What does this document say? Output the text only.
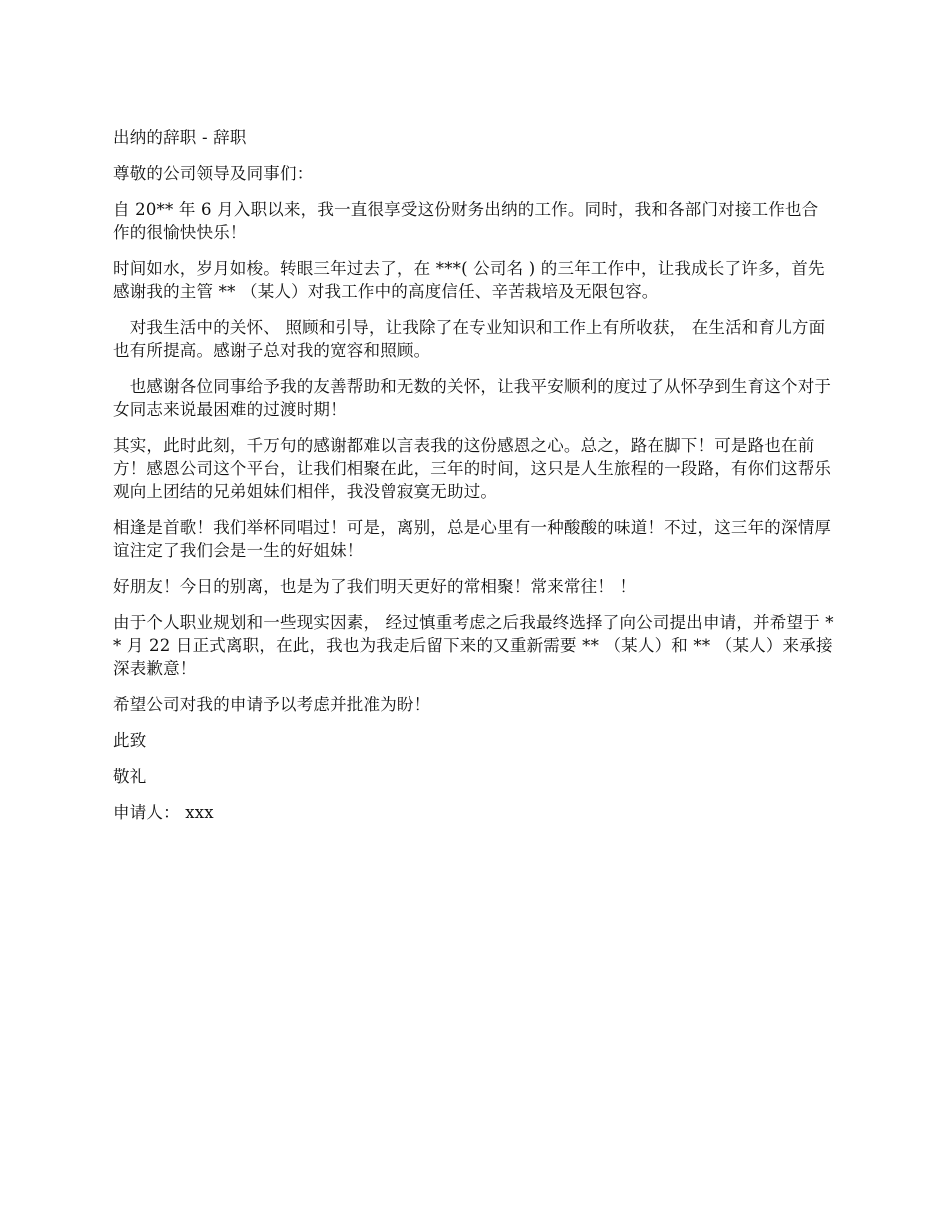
出纳的辞职 - 辞职
尊敬的公司领导及同事们：
自 20** 年 6 月入职以来，我一直很享受这份财务出纳的工作。同时，我和各部门对接工作也合作的很愉快快乐！
时间如水，岁月如梭。转眼三年过去了，在 ***( 公司名 ) 的三年工作中，让我成长了许多，首先感谢我的主管 ** （某人）对我工作中的高度信任、辛苦栽培及无限包容。
　对我生活中的关怀、 照顾和引导，让我除了在专业知识和工作上有所收获， 在生活和育儿方面也有所提高。感谢子总对我的宽容和照顾。
　也感谢各位同事给予我的友善帮助和无数的关怀，让我平安顺利的度过了从怀孕到生育这个对于女同志来说最困难的过渡时期！
其实，此时此刻，千万句的感谢都难以言表我的这份感恩之心。总之，路在脚下！可是路也在前方！感恩公司这个平台，让我们相聚在此，三年的时间，这只是人生旅程的一段路，有你们这帮乐观向上团结的兄弟姐妹们相伴，我没曾寂寞无助过。
相逢是首歌！我们举杯同唱过！可是，离别，总是心里有一种酸酸的味道！不过，这三年的深情厚谊注定了我们会是一生的好姐妹！
好朋友！今日的别离，也是为了我们明天更好的常相聚！常来常往！ ！
由于个人职业规划和一些现实因素， 经过慎重考虑之后我最终选择了向公司提出申请，并希望于 ** 月 22 日正式离职，在此，我也为我走后留下来的又重新需要 ** （某人）和 ** （某人）来承接深表歉意！
希望公司对我的申请予以考虑并批准为盼！
此致
敬礼
申请人： xxx
